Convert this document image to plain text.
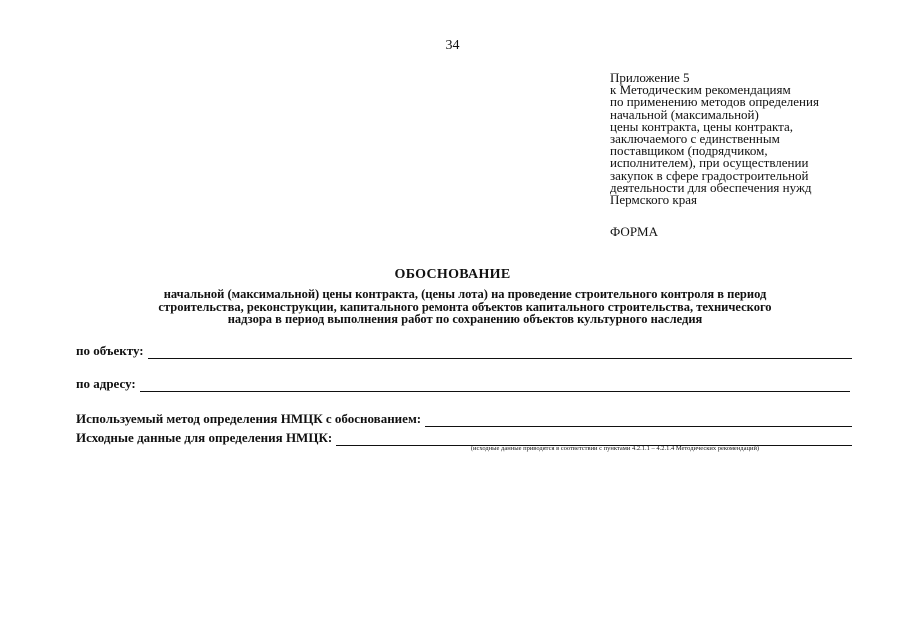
34
Приложение 5
к Методическим рекомендациям
по применению методов определения
начальной (максимальной)
цены контракта, цены контракта,
заключаемого с единственным
поставщиком (подрядчиком,
исполнителем), при осуществлении
закупок в сфере градостроительной
деятельности для обеспечения нужд
Пермского края
ФОРМА
ОБОСНОВАНИЕ
начальной (максимальной) цены контракта, (цены лота) на проведение строительного контроля в период
строительства, реконструкции, капитального ремонта объектов капитального строительства, технического
надзора в период выполнения работ по сохранению объектов культурного наследия
по объекту:
по адресу:
Используемый метод определения НМЦК с обоснованием:
Исходные данные для определения НМЦК:
(исходные данные приводятся в соответствии с пунктами 4.2.1.1 – 4.2.1.4 Методических рекомендаций)
